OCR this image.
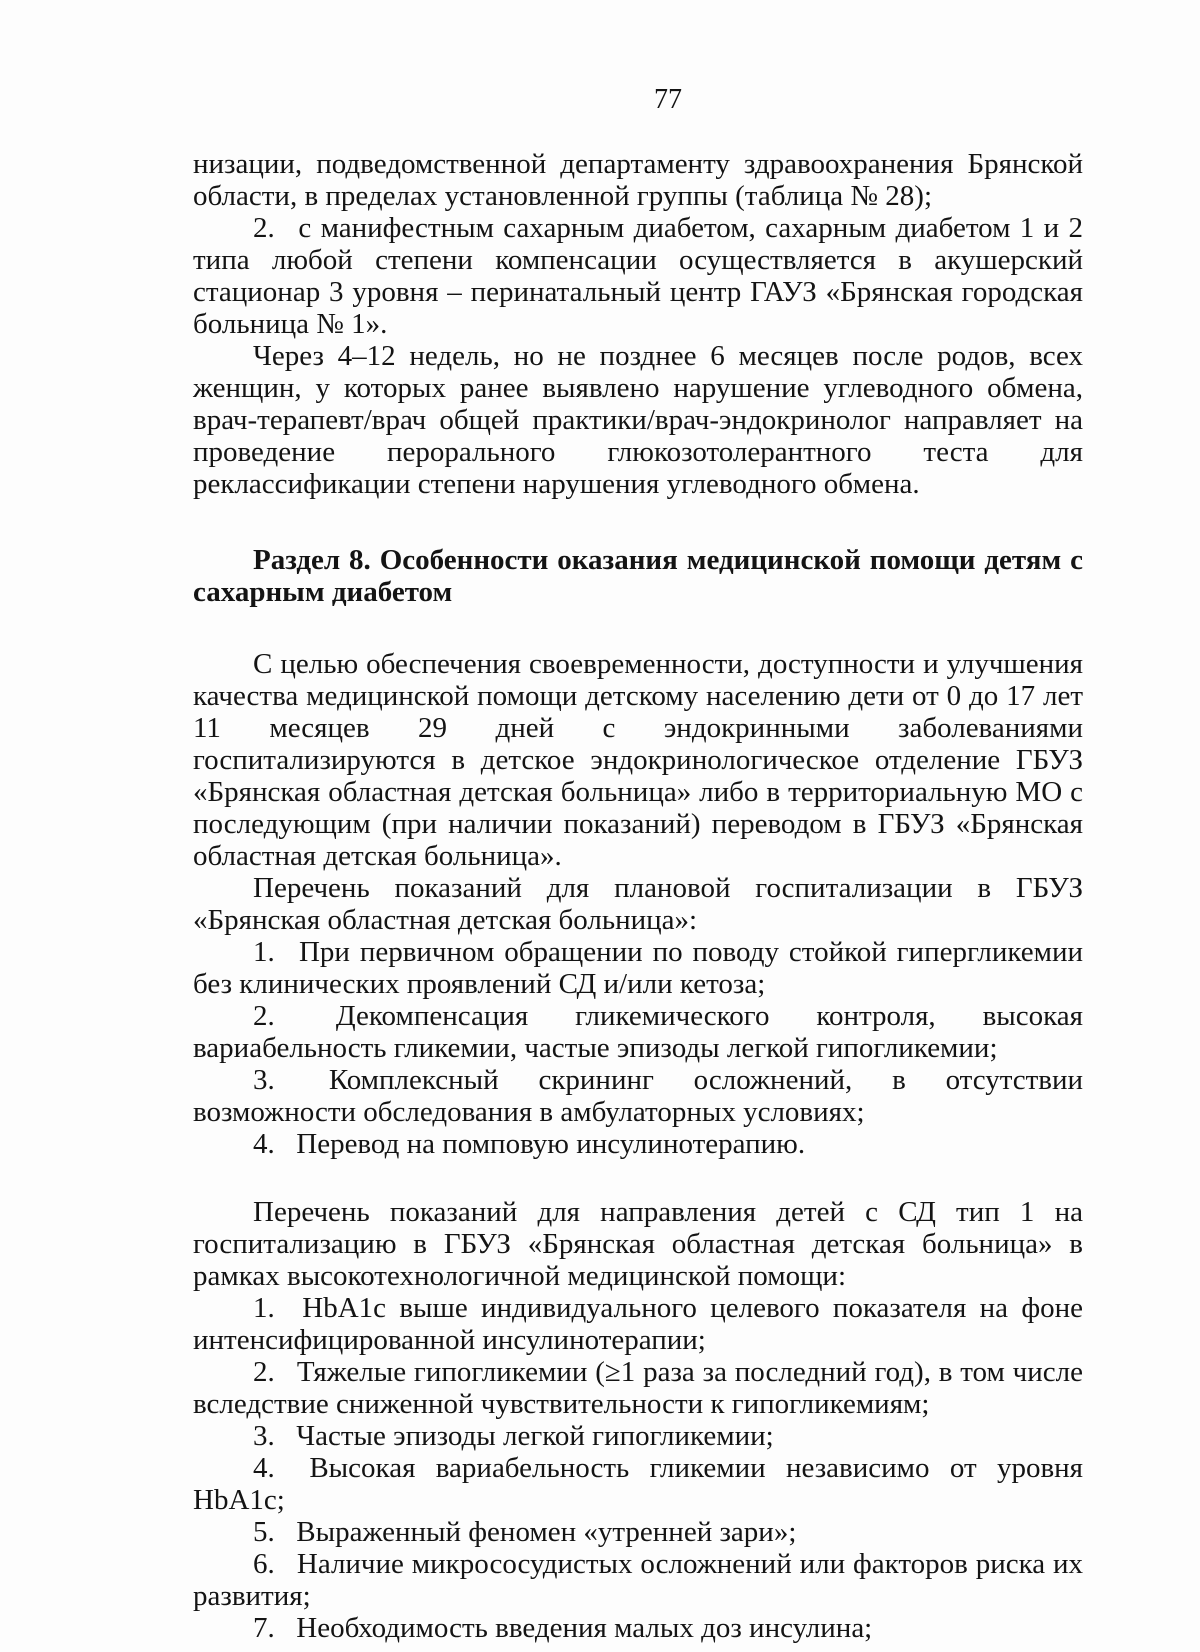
77

низации, подведомственной департаменту здравоохранения Брянской области, в пределах установленной группы (таблица № 28);

2. с манифестным сахарным диабетом, сахарным диабетом 1 и 2 типа любой степени компенсации осуществляется в акушерский стационар 3 уровня – перинатальный центр ГАУЗ «Брянская городская больница № 1».

Через 4–12 недель, но не позднее 6 месяцев после родов, всех женщин, у которых ранее выявлено нарушение углеводного обмена, врач-терапевт/врач общей практики/врач-эндокринолог направляет на проведение перорального глюкозотолерантного теста для реклассификации степени нарушения углеводного обмена.

Раздел 8. Особенности оказания медицинской помощи детям с сахарным диабетом

С целью обеспечения своевременности, доступности и улучшения качества медицинской помощи детскому населению дети от 0 до 17 лет 11 месяцев 29 дней с эндокринными заболеваниями госпитализируются в детское эндокринологическое отделение ГБУЗ «Брянская областная детская больница» либо в территориальную МО с последующим (при наличии показаний) переводом в ГБУЗ «Брянская областная детская больница».

Перечень показаний для плановой госпитализации в ГБУЗ «Брянская областная детская больница»:

1. При первичном обращении по поводу стойкой гипергликемии без клинических проявлений СД и/или кетоза;

2. Декомпенсация гликемического контроля, высокая вариабельность гликемии, частые эпизоды легкой гипогликемии;

3. Комплексный скрининг осложнений, в отсутствии возможности обследования в амбулаторных условиях;

4. Перевод на помповую инсулинотерапию.

Перечень показаний для направления детей с СД тип 1 на госпитализацию в ГБУЗ «Брянская областная детская больница» в рамках высокотехнологичной медицинской помощи:

1. HbA1c выше индивидуального целевого показателя на фоне интенсифицированной инсулинотерапии;

2. Тяжелые гипогликемии (≥1 раза за последний год), в том числе вследствие сниженной чувствительности к гипогликемиям;

3. Частые эпизоды легкой гипогликемии;

4. Высокая вариабельность гликемии независимо от уровня HbA1c;

5. Выраженный феномен «утренней зари»;

6. Наличие микрососудистых осложнений или факторов риска их развития;

7. Необходимость введения малых доз инсулина;
